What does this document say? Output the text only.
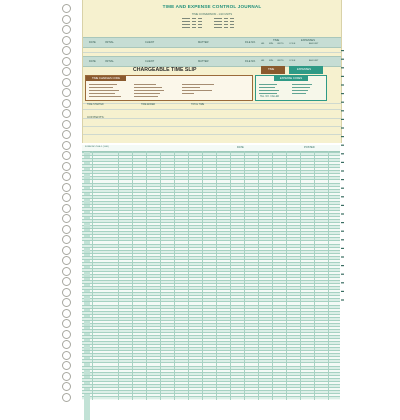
TIME AND EXPENSE CONTROL JOURNAL
TIME CONVERSION - 1/10 UNITS
DATE	INITIAL	CLIENT	MATTER	FILE NO.
TIME
HR. MIN. UNITS
EXPENSES
CODE	AMOUNT
DATE	INITIAL	CLIENT	MATTER	FILE NO. HR. MIN. UNITS CODE	AMOUNT
CHARGEABLE TIME SLIP	TIME	EXPENSES
TIME CHARGES CODE	EXPENSE CODES
TEL. NO. CALLED
TIME STARTED	TIME ENDED	TOTAL TIME
CONTENTS:
FORM NO.T&E-1 (1-86)	DATE	POSTED
